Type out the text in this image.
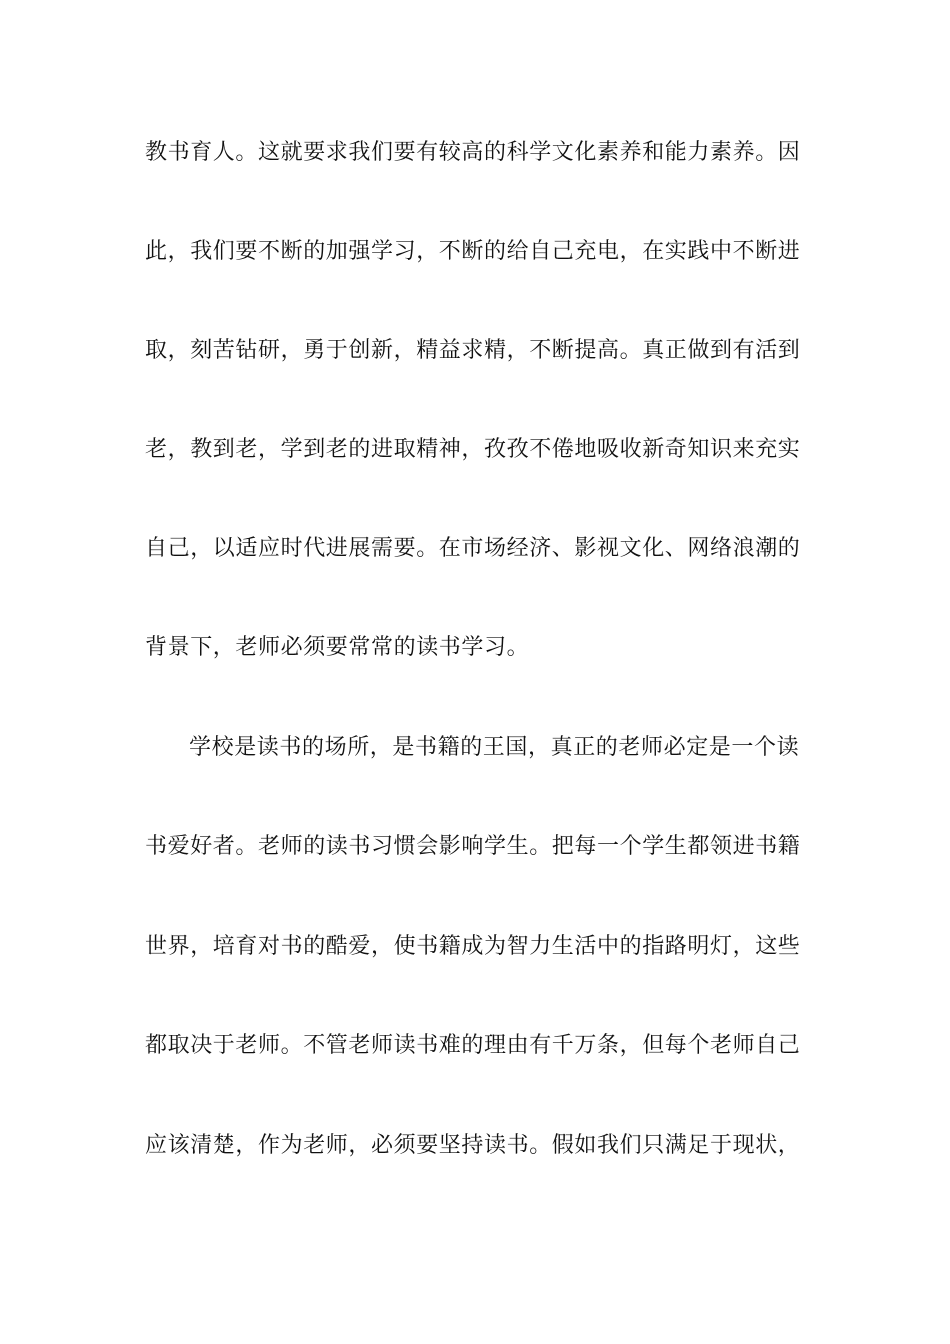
教书育人。这就要求我们要有较高的科学文化素养和能力素养。因
此，我们要不断的加强学习，不断的给自己充电，在实践中不断进
取，刻苦钻研，勇于创新，精益求精，不断提高。真正做到有活到
老，教到老，学到老的进取精神，孜孜不倦地吸收新奇知识来充实
自己，以适应时代进展需要。在市场经济、影视文化、网络浪潮的
背景下，老师必须要常常的读书学习。
学校是读书的场所，是书籍的王国，真正的老师必定是一个读
书爱好者。老师的读书习惯会影响学生。把每一个学生都领进书籍
世界，培育对书的酷爱，使书籍成为智力生活中的指路明灯，这些
都取决于老师。不管老师读书难的理由有千万条，但每个老师自己
应该清楚，作为老师，必须要坚持读书。假如我们只满足于现状，
